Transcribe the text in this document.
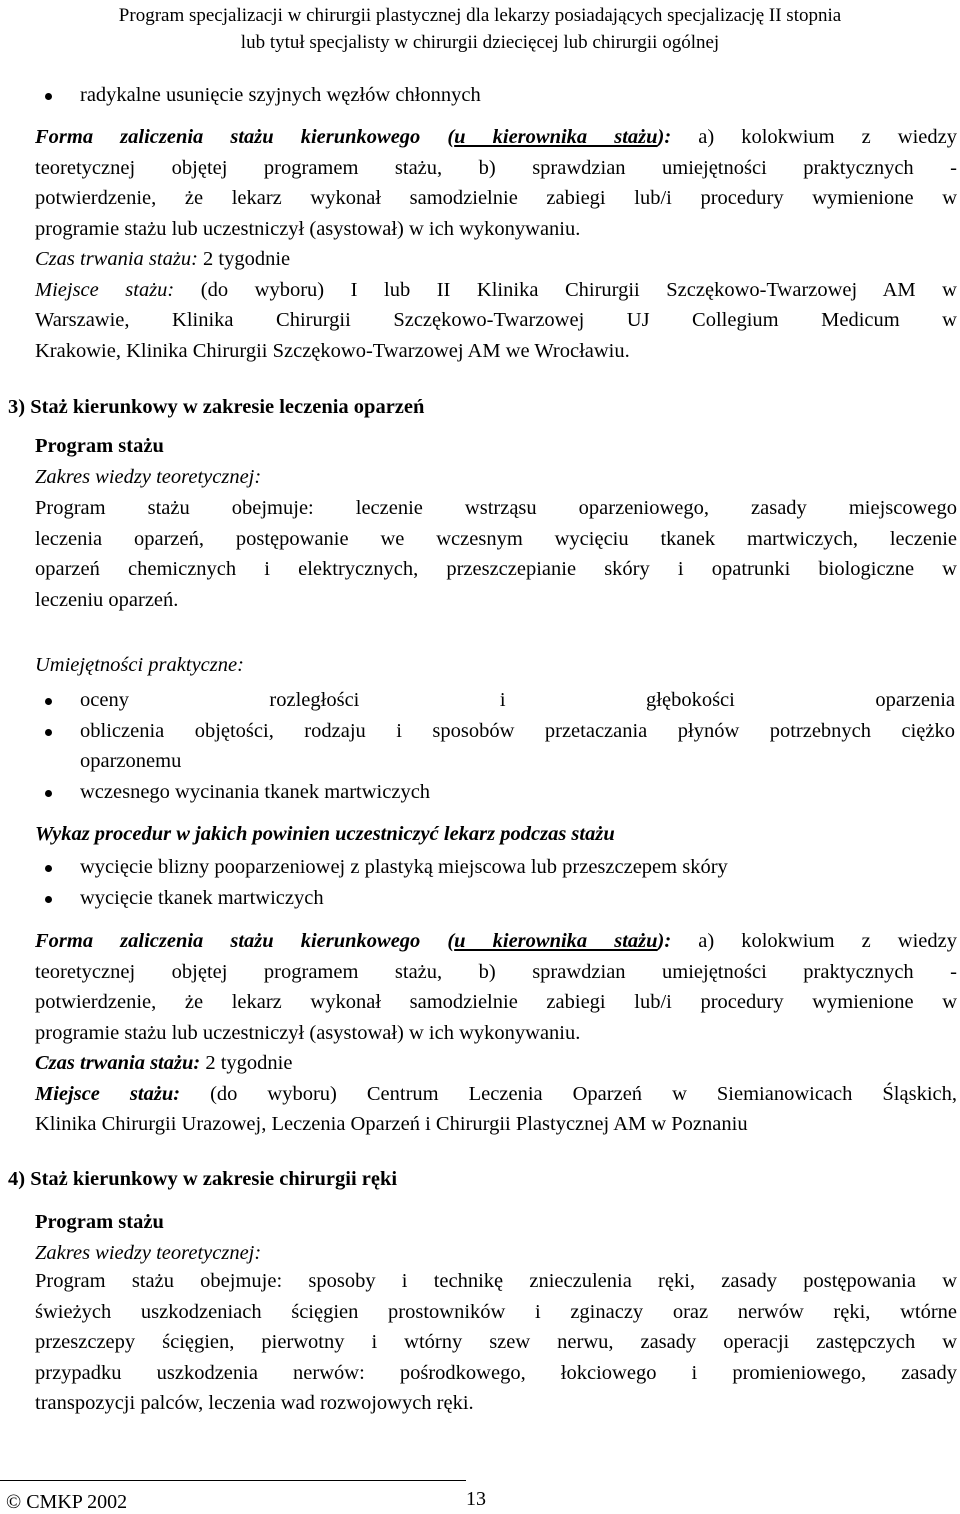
Program specjalizacji w chirurgii plastycznej dla lekarzy posiadających specjalizację II stopnia
lub tytuł specjalisty w chirurgii dziecięcej lub chirurgii ogólnej
radykalne usunięcie szyjnych węzłów chłonnych
Forma zaliczenia stażu kierunkowego (u kierownika stażu): a) kolokwium z wiedzy
teoretycznej objętej programem stażu, b) sprawdzian umiejętności praktycznych -
potwierdzenie, że lekarz wykonał samodzielnie zabiegi lub/i procedury wymienione w
programie stażu lub uczestniczył (asystował) w ich wykonywaniu.
Czas trwania stażu: 2 tygodnie
Miejsce stażu: (do wyboru) I lub II Klinika Chirurgii Szczękowo-Twarzowej AM w
Warszawie, Klinika Chirurgii Szczękowo-Twarzowej UJ Collegium Medicum w
Krakowie, Klinika Chirurgii Szczękowo-Twarzowej AM we Wrocławiu.
3) Staż kierunkowy w zakresie leczenia oparzeń
Program stażu
Zakres wiedzy teoretycznej:
Program stażu obejmuje: leczenie wstrząsu oparzeniowego, zasady miejscowego
leczenia oparzeń, postępowanie we wczesnym wycięciu tkanek martwiczych, leczenie
oparzeń chemicznych i elektrycznych, przeszczepianie skóry i opatrunki biologiczne w
leczeniu oparzeń.
Umiejętności praktyczne:
oceny rozległości i głębokości oparzenia
obliczenia objętości, rodzaju i sposobów przetaczania płynów potrzebnych ciężko
oparzonemu
wczesnego wycinania tkanek martwiczych
Wykaz procedur w jakich powinien uczestniczyć lekarz podczas stażu
wycięcie blizny pooparzeniowej z plastyką miejscowa lub przeszczepem skóry
wycięcie tkanek martwiczych
Forma zaliczenia stażu kierunkowego (u kierownika stażu): a) kolokwium z wiedzy
teoretycznej objętej programem stażu, b) sprawdzian umiejętności praktycznych -
potwierdzenie, że lekarz wykonał samodzielnie zabiegi lub/i procedury wymienione w
programie stażu lub uczestniczył (asystował) w ich wykonywaniu.
Czas trwania stażu: 2 tygodnie
Miejsce stażu: (do wyboru) Centrum Leczenia Oparzeń w Siemianowicach Śląskich,
Klinika Chirurgii Urazowej, Leczenia Oparzeń i Chirurgii Plastycznej AM w Poznaniu
4) Staż kierunkowy w zakresie chirurgii ręki
Program stażu
Zakres wiedzy teoretycznej:
Program stażu obejmuje: sposoby i technikę znieczulenia ręki, zasady postępowania w
świeżych uszkodzeniach ścięgien prostowników i zginaczy oraz nerwów ręki, wtórne
przeszczepy ścięgien, pierwotny i wtórny szew nerwu, zasady operacji zastępczych w
przypadku uszkodzenia nerwów: pośrodkowego, łokciowego i promieniowego, zasady
transpozycji palców, leczenia wad rozwojowych ręki.
© CMKP 2002	13
